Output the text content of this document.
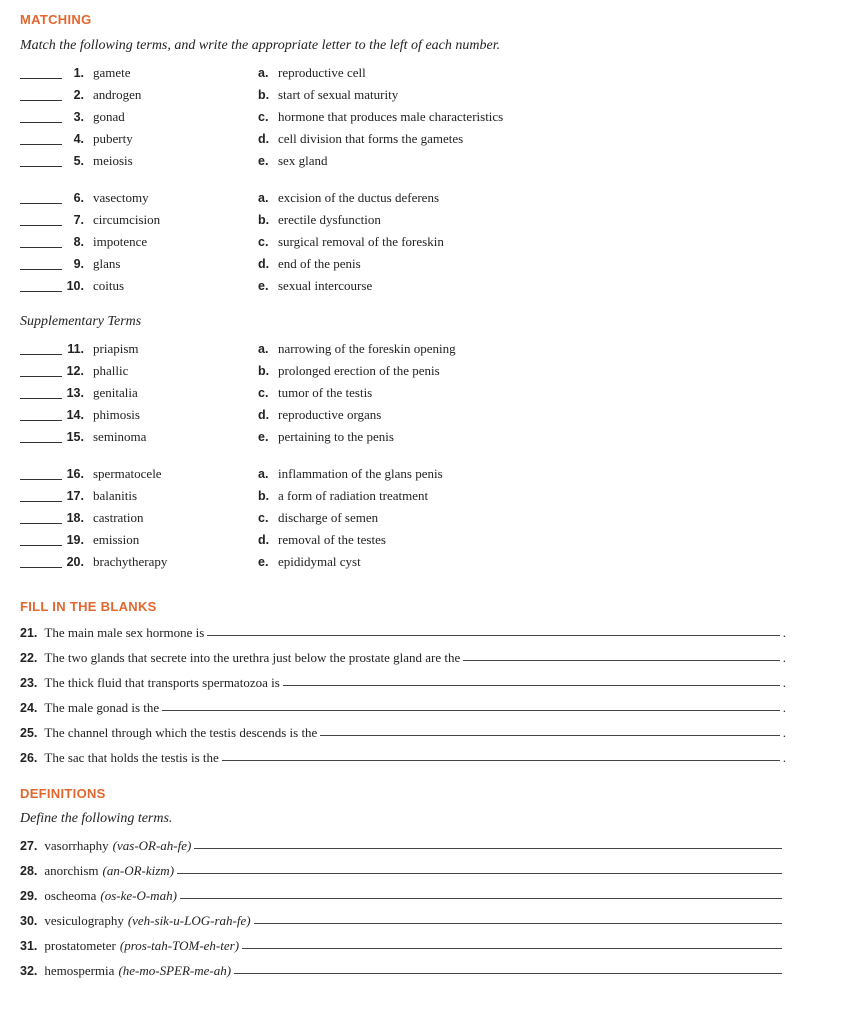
MATCHING
Match the following terms, and write the appropriate letter to the left of each number.
1. gamete	a. reproductive cell
2. androgen	b. start of sexual maturity
3. gonad	c. hormone that produces male characteristics
4. puberty	d. cell division that forms the gametes
5. meiosis	e. sex gland
6. vasectomy	a. excision of the ductus deferens
7. circumcision	b. erectile dysfunction
8. impotence	c. surgical removal of the foreskin
9. glans	d. end of the penis
10. coitus	e. sexual intercourse
Supplementary Terms
11. priapism	a. narrowing of the foreskin opening
12. phallic	b. prolonged erection of the penis
13. genitalia	c. tumor of the testis
14. phimosis	d. reproductive organs
15. seminoma	e. pertaining to the penis
16. spermatocele	a. inflammation of the glans penis
17. balanitis	b. a form of radiation treatment
18. castration	c. discharge of semen
19. emission	d. removal of the testes
20. brachytherapy	e. epididymal cyst
FILL IN THE BLANKS
21. The main male sex hormone is	.
22. The two glands that secrete into the urethra just below the prostate gland are the	.
23. The thick fluid that transports spermatozoa is	.
24. The male gonad is the	.
25. The channel through which the testis descends is the	.
26. The sac that holds the testis is the	.
DEFINITIONS
Define the following terms.
27. vasorrhaphy (vas-OR-ah-fe)
28. anorchism (an-OR-kizm)
29. oscheoma (os-ke-O-mah)
30. vesiculography (veh-sik-u-LOG-rah-fe)
31. prostatometer (pros-tah-TOM-eh-ter)
32. hemospermia (he-mo-SPER-me-ah)
